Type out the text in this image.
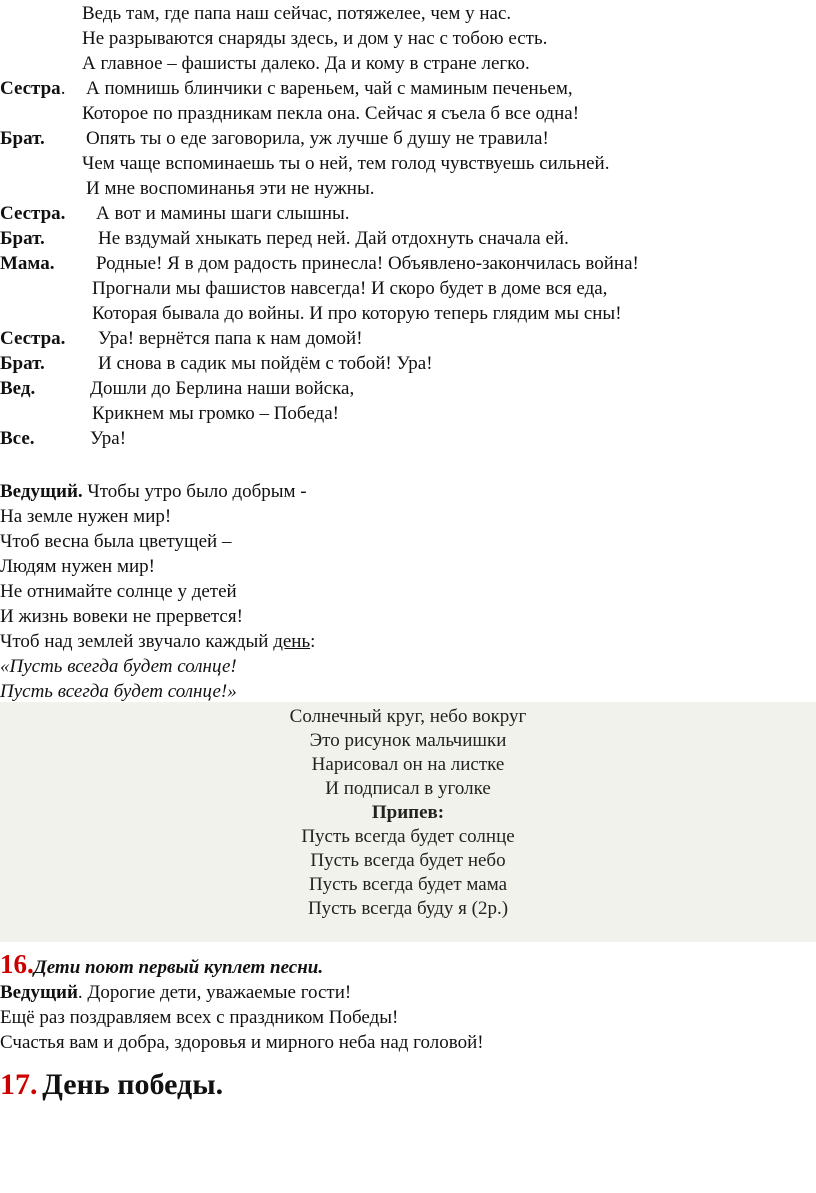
Ведь там, где папа наш сейчас, потяжелее, чем у нас.
Не разрываются снаряды здесь, и дом у нас с тобою есть.
А главное – фашисты далеко. Да и кому в стране легко.
Сестра. А помнишь блинчики с вареньем, чай с маминым печеньем,
Которое по праздникам пекла она. Сейчас я съела б все одна!
Брат. Опять ты о еде заговорила, уж лучше б душу не травила!
Чем чаще вспоминаешь ты о ней, тем голод чувствуешь сильней.
И мне воспоминанья эти не нужны.
Сестра. А вот и мамины шаги слышны.
Брат.	Не вздумай хныкать перед ней. Дай отдохнуть сначала ей.
Мама. Родные! Я в дом радость принесла! Объявлено-закончилась война!
Прогнали мы фашистов навсегда! И скоро будет в доме вся еда,
Которая бывала до войны. И про которую теперь глядим мы сны!
Сестра. Ура! вернётся папа к нам домой!
Брат.	И снова в садик мы пойдём с тобой! Ура!
Вед.	Дошли до Берлина наши войска,
Крикнем мы громко – Победа!
Все.	Ура!
Ведущий. Чтобы утро было добрым -
На земле нужен мир!
Чтоб весна была цветущей –
Людям нужен мир!
Не отнимайте солнце у детей
И жизнь вовеки не прервется!
Чтоб над землей звучало каждый день:
«Пусть всегда будет солнце!
Пусть всегда будет солнце!»
Солнечный круг, небо вокруг
Это рисунок мальчишки
Нарисовал он на листке
И подписал в уголке
Припев:
Пусть всегда будет солнце
Пусть всегда будет небо
Пусть всегда будет мама
Пусть всегда буду я (2р.)
16.Дети поют первый куплет песни.
Ведущий. Дорогие дети, уважаемые гости!
Ещё раз поздравляем всех с праздником Победы!
Счастья вам и добра, здоровья и мирного неба над головой!
17. День победы.
